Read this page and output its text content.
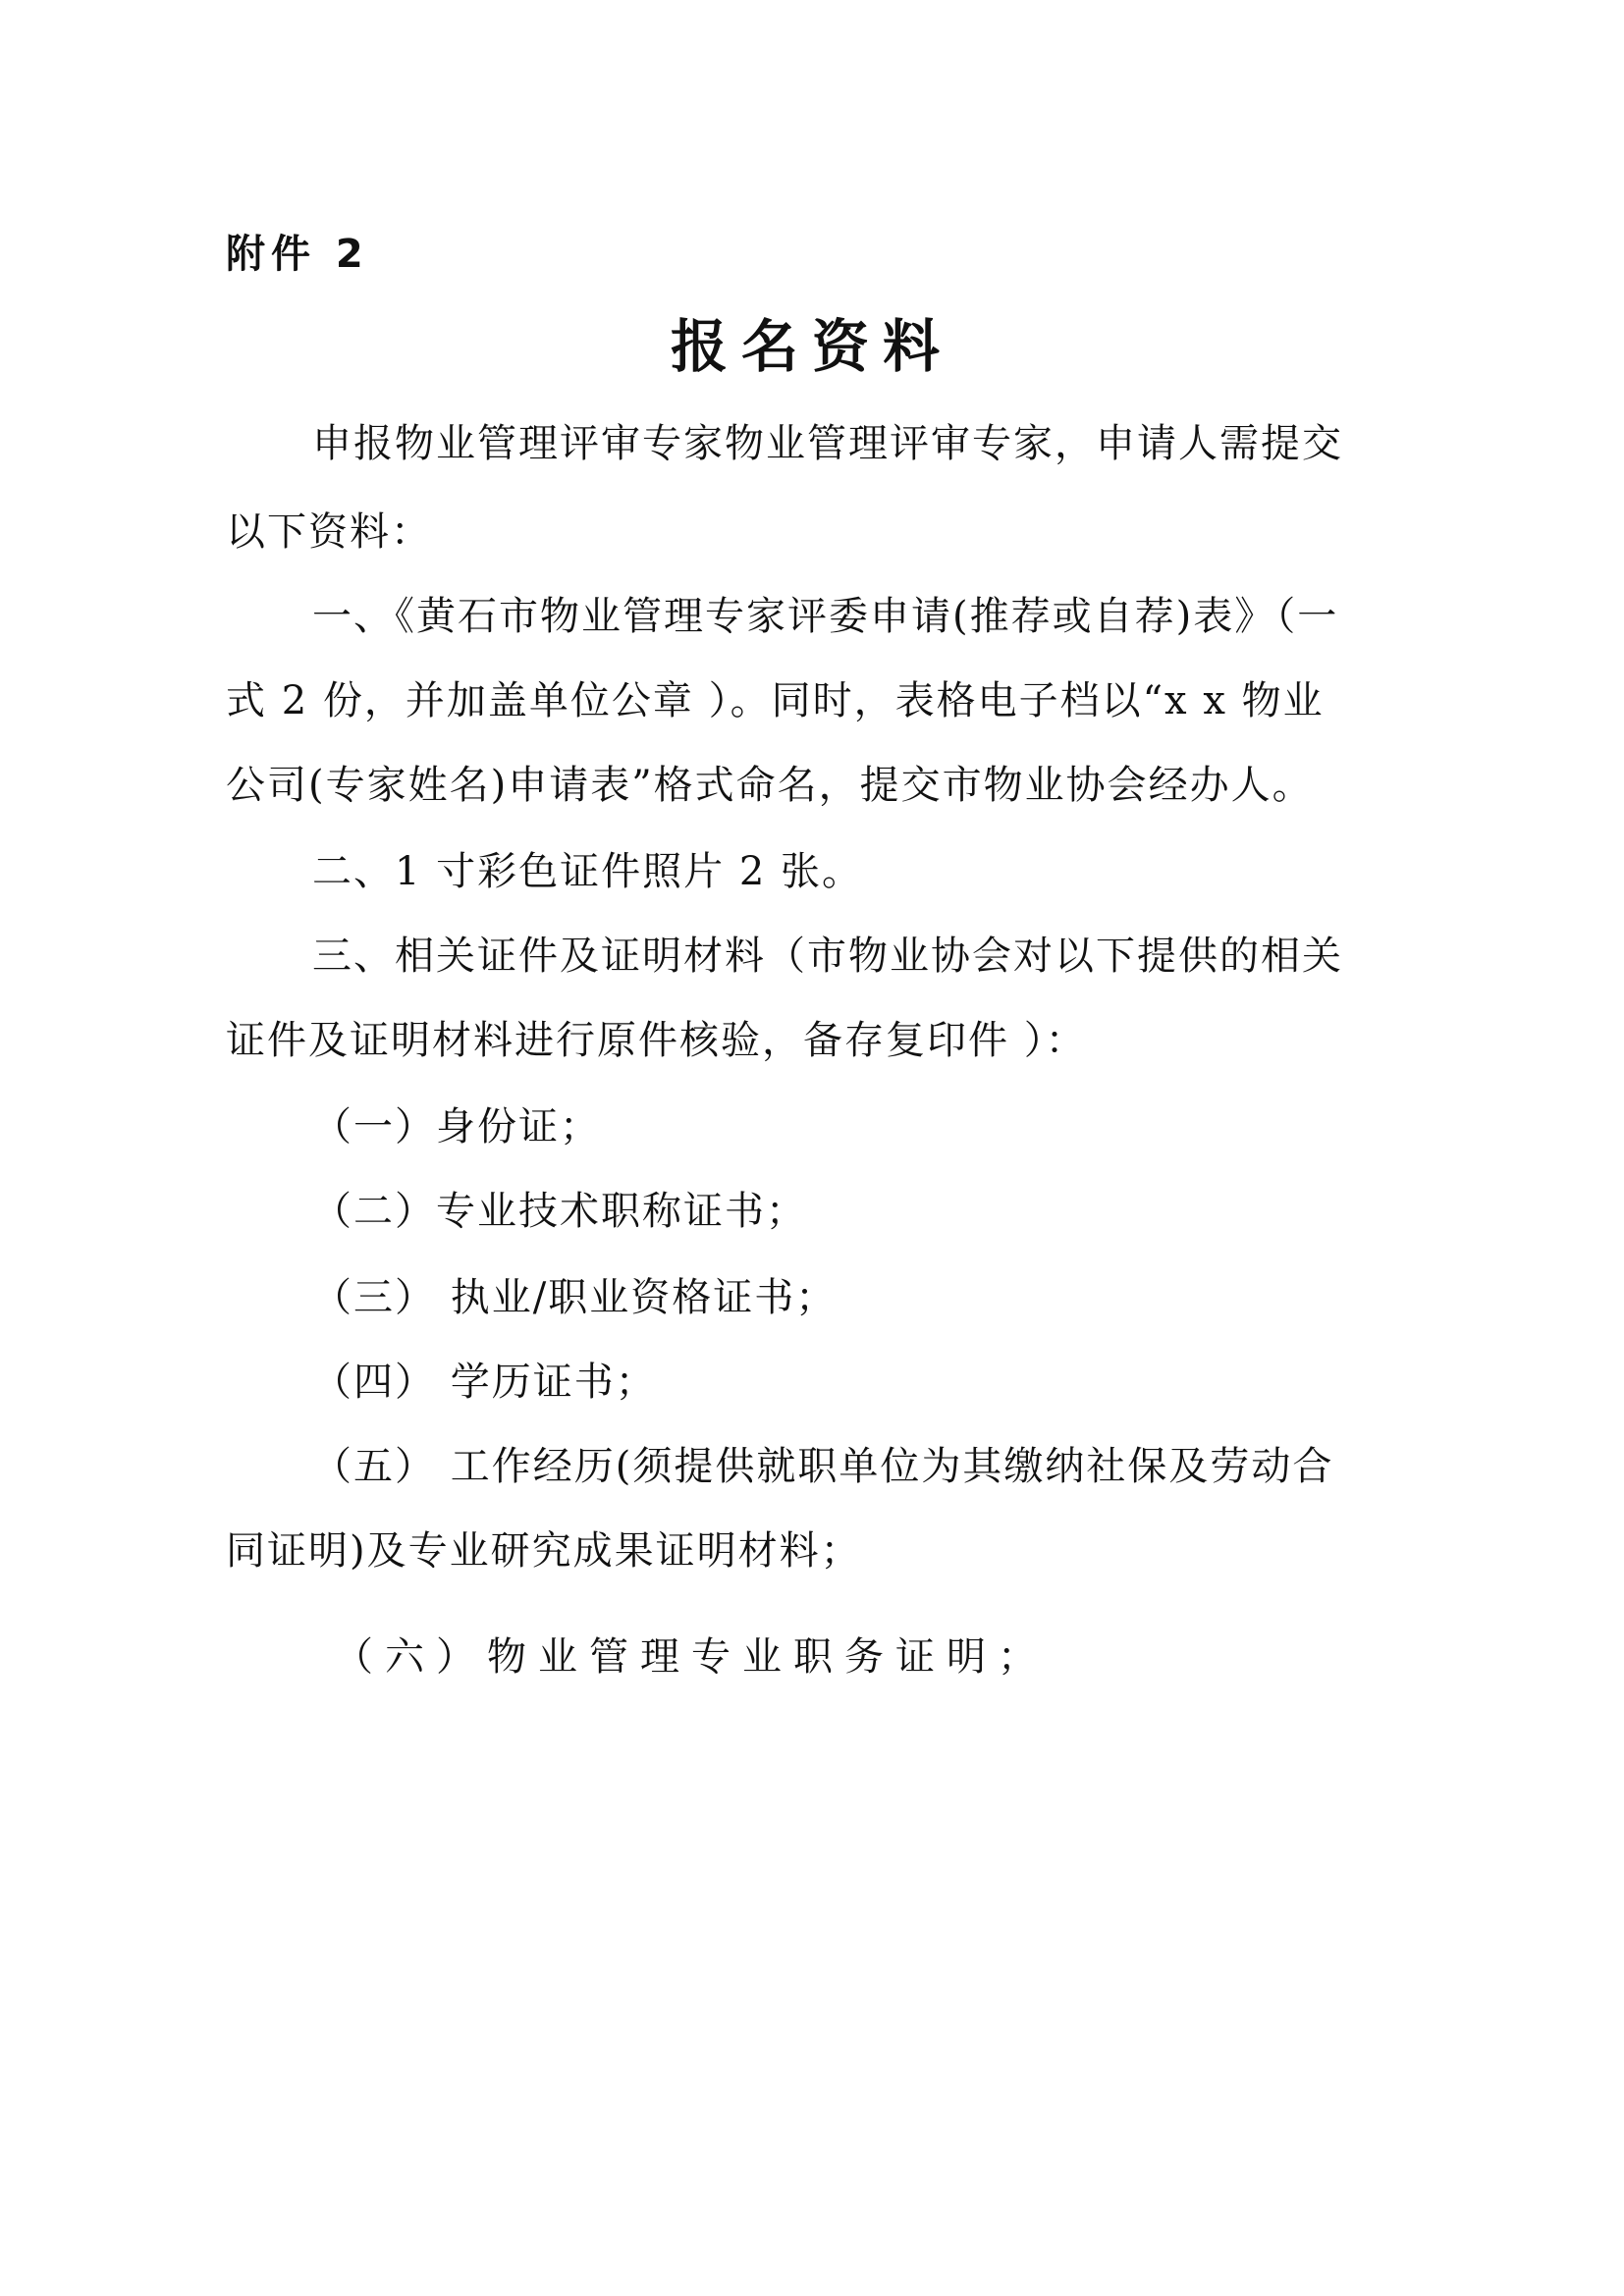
附件 2
报名资料
申报物业管理评审专家物业管理评审专家，申请人需提交
以下资料：
一、《黄石市物业管理专家评委申请(推荐或自荐)表》（一
式 2 份，并加盖单位公章 ）。同时，表格电子档以“x x 物业
公司(专家姓名)申请表”格式命名，提交市物业协会经办人。
二、1 寸彩色证件照片 2 张。
三、相关证件及证明材料（市物业协会对以下提供的相关
证件及证明材料进行原件核验，备存复印件 ）：
（一）身份证；
（二）专业技术职称证书；
（三） 执业/职业资格证书；
（四） 学历证书；
（五） 工作经历(须提供就职单位为其缴纳社保及劳动合
同证明)及专业研究成果证明材料；
（六）物业管理专业职务证明；
